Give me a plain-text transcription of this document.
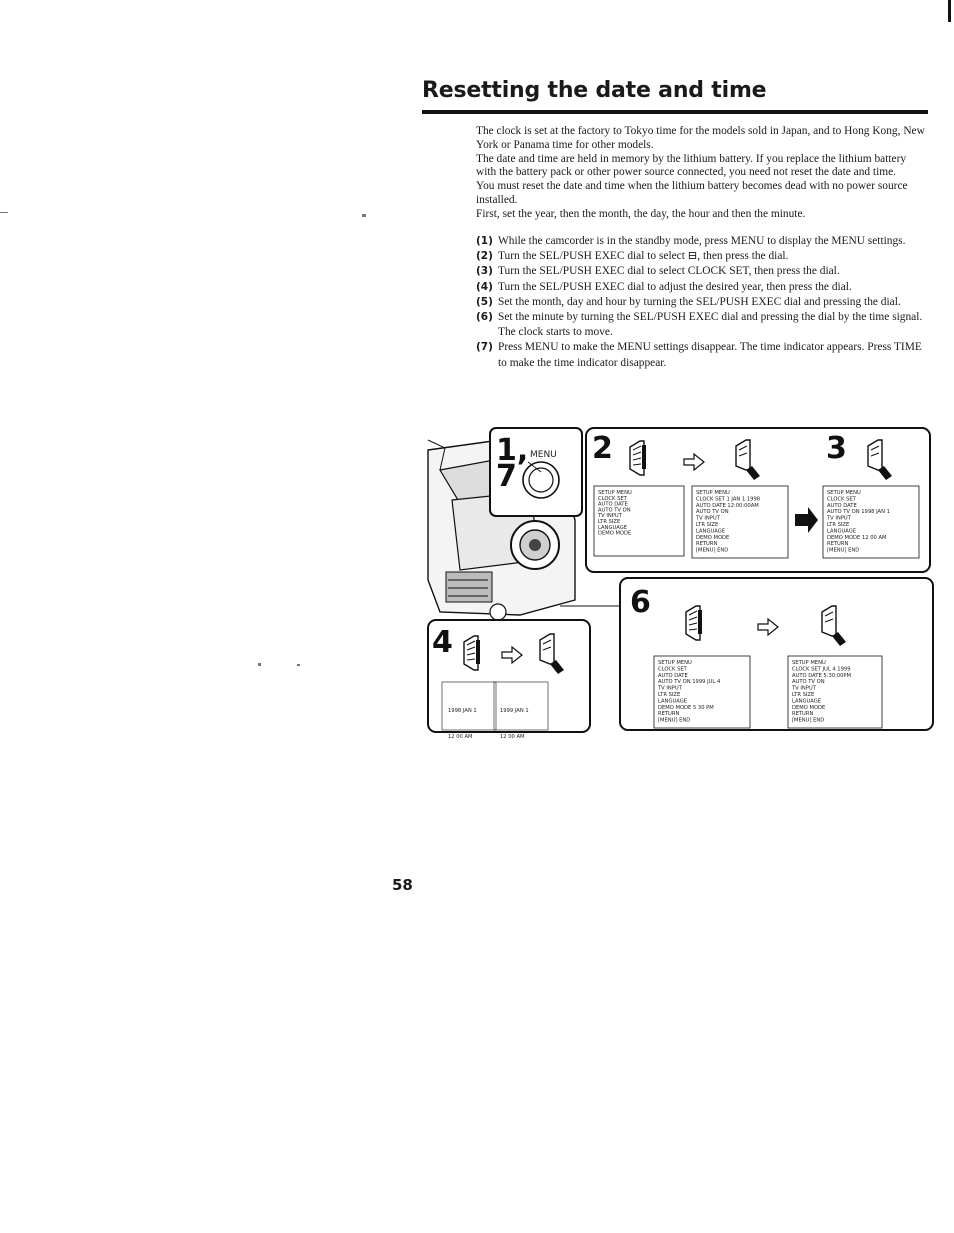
Resetting the date and time

The clock is set at the factory to Tokyo time for the models sold in Japan, and to Hong Kong, New York or Panama time for other models.

The date and time are held in memory by the lithium battery. If you replace the lithium battery with the battery pack or other power source connected, you need not reset the date and time.

You must reset the date and time when the lithium battery becomes dead with no power source installed.

First, set the year, then the month, the day, the hour and then the minute.

(1) While the camcorder is in the standby mode, press MENU to display the MENU settings.
(2) Turn the SEL/PUSH EXEC dial to select ⊟, then press the dial.
(3) Turn the SEL/PUSH EXEC dial to select CLOCK SET, then press the dial.
(4) Turn the SEL/PUSH EXEC dial to adjust the desired year, then press the dial.
(5) Set the month, day and hour by turning the SEL/PUSH EXEC dial and pressing the dial.
(6) Set the minute by turning the SEL/PUSH EXEC dial and pressing the dial by the time signal. The clock starts to move.
(7) Press MENU to make the MENU settings disappear. The time indicator appears. Press TIME to make the time indicator disappear.
1,
7
MENU 2	3
SETUP MENU
CLOCK SET
AUTO DATE
AUTO TV ON
TV INPUT
LTR SIZE
LANGUAGE
DEMO MODE
SETUP MENU
CLOCK SET 1 JAN 1 1998
AUTO DATE 12:00:00AM
AUTO TV ON
TV INPUT
LTR SIZE
LANGUAGE
DEMO MODE
RETURN
[MENU] END
SETUP MENU
CLOCK SET
AUTO DATE
AUTO TV ON 1998 JAN 1
TV INPUT
LTR SIZE
LANGUAGE
DEMO MODE 12 00 AM
RETURN
[MENU] END
4
1998 JAN 1
12 00 AM
1999 JAN 1
12 00 AM
6
SETUP MENU
CLOCK SET
AUTO DATE
AUTO TV ON 1999 JUL 4
TV INPUT
LTR SIZE
LANGUAGE
DEMO MODE 5 30 PM
RETURN
[MENU] END
SETUP MENU
CLOCK SET JUL 4 1999
AUTO DATE 5:30:00PM
AUTO TV ON
TV INPUT
LTR SIZE
LANGUAGE
DEMO MODE
RETURN
[MENU] END
58
